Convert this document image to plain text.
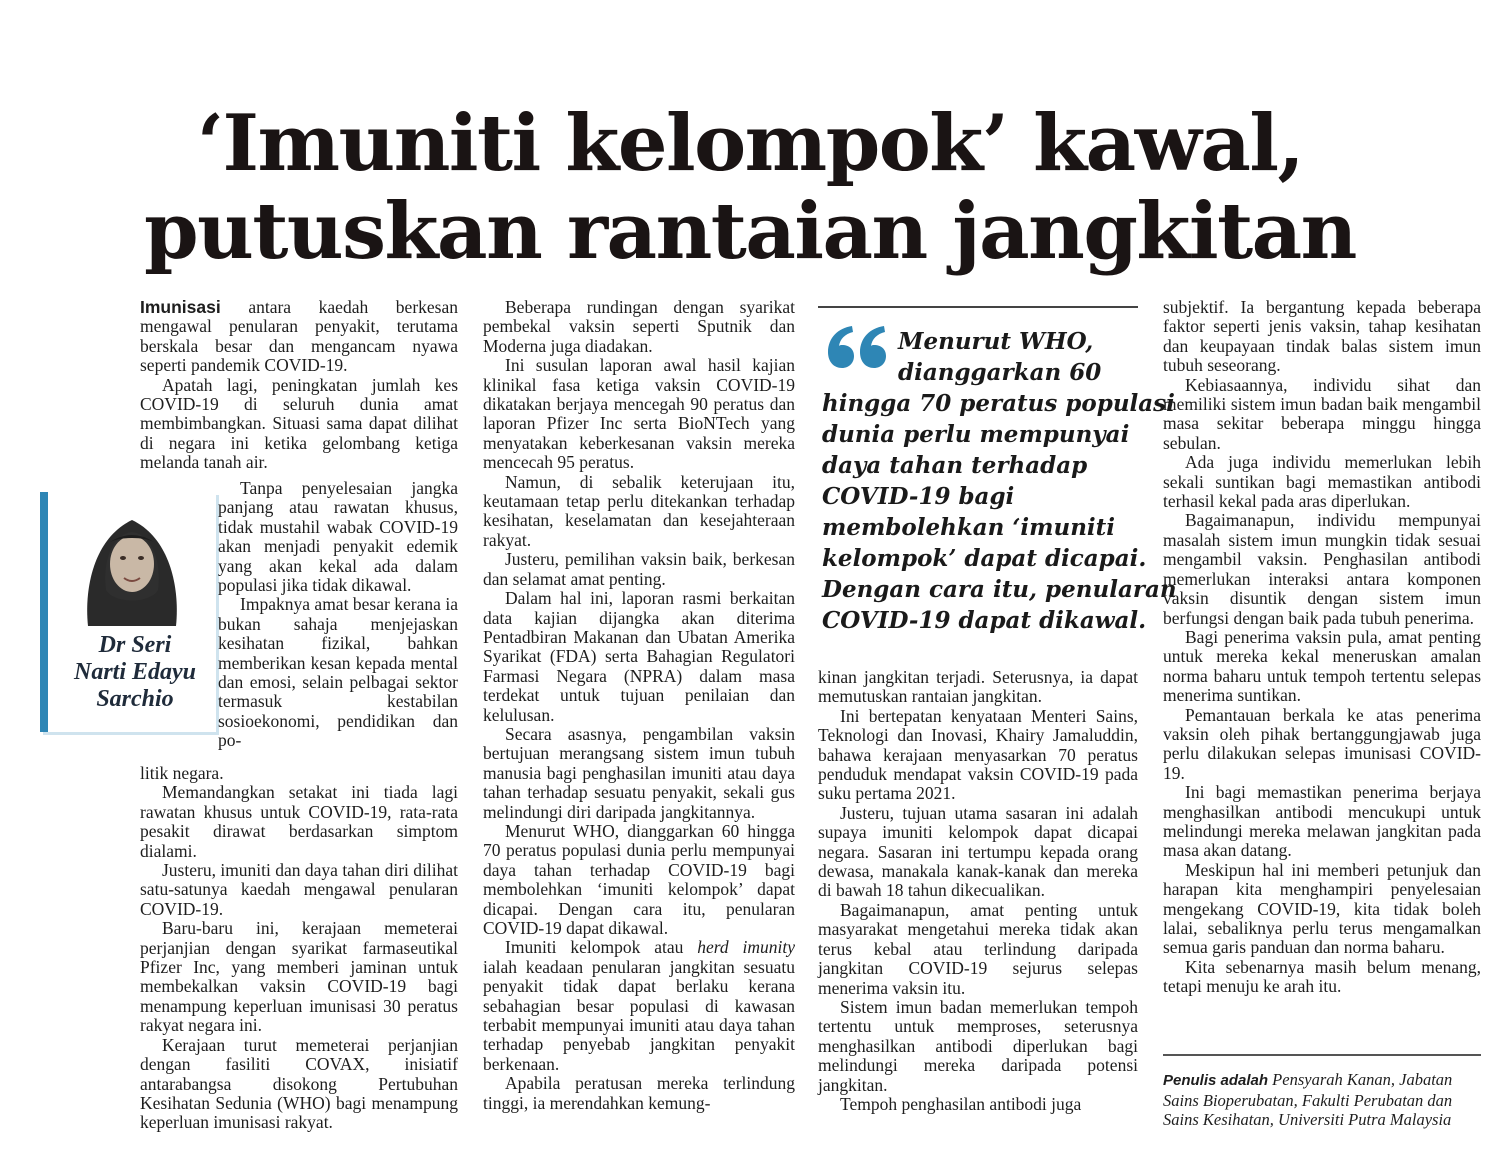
‘Imuniti kelompok’ kawal,
putuskan rantaian jangkitan

Imunisasi antara kaedah berkesan mengawal penularan penyakit, terutama berskala besar dan mengancam nyawa seperti pandemik COVID-19.

Apatah lagi, peningkatan jumlah kes COVID-19 di seluruh dunia amat membimbangkan. Situasi sama dapat dilihat di negara ini ketika gelombang ketiga melanda tanah air.

Dr Seri
Narti Edayu
Sarchio

Tanpa penyelesaian jangka panjang atau rawatan khusus, tidak mustahil wabak COVID-19 akan menjadi penyakit edemik yang akan kekal ada dalam populasi jika tidak dikawal.

Impaknya amat besar kerana ia bukan sahaja menjejaskan kesihatan fizikal, bahkan memberikan kesan kepada mental dan emosi, selain pelbagai sektor termasuk kestabilan sosioekonomi, pendidikan dan po-

litik negara.

Memandangkan setakat ini tiada lagi rawatan khusus untuk COVID-19, rata-rata pesakit dirawat berdasarkan simptom dialami.

Justeru, imuniti dan daya tahan diri dilihat satu-satunya kaedah mengawal penularan COVID-19.

Baru-baru ini, kerajaan memeterai perjanjian dengan syarikat farmaseutikal Pfizer Inc, yang memberi jaminan untuk membekalkan vaksin COVID-19 bagi menampung keperluan imunisasi 30 peratus rakyat negara ini.

Kerajaan turut memeterai perjanjian dengan fasiliti COVAX, inisiatif antarabangsa disokong Pertubuhan Kesihatan Sedunia (WHO) bagi menampung keperluan imunisasi rakyat.

Beberapa rundingan dengan syarikat pembekal vaksin seperti Sputnik dan Moderna juga diadakan.

Ini susulan laporan awal hasil kajian klinikal fasa ketiga vaksin COVID-19 dikatakan berjaya mencegah 90 peratus dan laporan Pfizer Inc serta BioNTech yang menyatakan keberkesanan vaksin mereka mencecah 95 peratus.

Namun, di sebalik keterujaan itu, keutamaan tetap perlu ditekankan terhadap kesihatan, keselamatan dan kesejahteraan rakyat.

Justeru, pemilihan vaksin baik, berkesan dan selamat amat penting.

Dalam hal ini, laporan rasmi berkaitan data kajian dijangka akan diterima Pentadbiran Makanan dan Ubatan Amerika Syarikat (FDA) serta Bahagian Regulatori Farmasi Negara (NPRA) dalam masa terdekat untuk tujuan penilaian dan kelulusan.

Secara asasnya, pengambilan vaksin bertujuan merangsang sistem imun tubuh manusia bagi penghasilan imuniti atau daya tahan terhadap sesuatu penyakit, sekali gus melindungi diri daripada jangkitannya.

Menurut WHO, dianggarkan 60 hingga 70 peratus populasi dunia perlu mempunyai daya tahan terhadap COVID-19 bagi membolehkan ‘imuniti kelompok’ dapat dicapai. Dengan cara itu, penularan COVID-19 dapat dikawal.

Imuniti kelompok atau herd imunity ialah keadaan penularan jangkitan sesuatu penyakit tidak dapat berlaku kerana sebahagian besar populasi di kawasan terbabit mempunyai imuniti atau daya tahan terhadap penyebab jangkitan penyakit berkenaan.

Apabila peratusan mereka terlindung tinggi, ia merendahkan kemung-

Menurut WHO,
dianggarkan 60
hingga 70 peratus populasi
dunia perlu mempunyai
daya tahan terhadap
COVID-19 bagi
membolehkan ‘imuniti
kelompok’ dapat dicapai.
Dengan cara itu, penularan
COVID-19 dapat dikawal.

kinan jangkitan terjadi. Seterusnya, ia dapat memutuskan rantaian jangkitan.

Ini bertepatan kenyataan Menteri Sains, Teknologi dan Inovasi, Khairy Jamaluddin, bahawa kerajaan menyasarkan 70 peratus penduduk mendapat vaksin COVID-19 pada suku pertama 2021.

Justeru, tujuan utama sasaran ini adalah supaya imuniti kelompok dapat dicapai negara. Sasaran ini tertumpu kepada orang dewasa, manakala kanak-kanak dan mereka di bawah 18 tahun dikecualikan.

Bagaimanapun, amat penting untuk masyarakat mengetahui mereka tidak akan terus kebal atau terlindung daripada jangkitan COVID-19 sejurus selepas menerima vaksin itu.

Sistem imun badan memerlukan tempoh tertentu untuk memproses, seterusnya menghasilkan antibodi diperlukan bagi melindungi mereka daripada potensi jangkitan.

Tempoh penghasilan antibodi juga

subjektif. Ia bergantung kepada beberapa faktor seperti jenis vaksin, tahap kesihatan dan keupayaan tindak balas sistem imun tubuh seseorang.

Kebiasaannya, individu sihat dan memiliki sistem imun badan baik mengambil masa sekitar beberapa minggu hingga sebulan.

Ada juga individu memerlukan lebih sekali suntikan bagi memastikan antibodi terhasil kekal pada aras diperlukan.

Bagaimanapun, individu mempunyai masalah sistem imun mungkin tidak sesuai mengambil vaksin. Penghasilan antibodi memerlukan interaksi antara komponen vaksin disuntik dengan sistem imun berfungsi dengan baik pada tubuh penerima.

Bagi penerima vaksin pula, amat penting untuk mereka kekal meneruskan amalan norma baharu untuk tempoh tertentu selepas menerima suntikan.

Pemantauan berkala ke atas penerima vaksin oleh pihak bertanggungjawab juga perlu dilakukan selepas imunisasi COVID-19.

Ini bagi memastikan penerima berjaya menghasilkan antibodi mencukupi untuk melindungi mereka melawan jangkitan pada masa akan datang.

Meskipun hal ini memberi petunjuk dan harapan kita menghampiri penyelesaian mengekang COVID-19, kita tidak boleh lalai, sebaliknya perlu terus mengamalkan semua garis panduan dan norma baharu.

Kita sebenarnya masih belum menang, tetapi menuju ke arah itu.

Penulis adalah Pensyarah Kanan, Jabatan
Sains Bioperubatan, Fakulti Perubatan dan
Sains Kesihatan, Universiti Putra Malaysia
